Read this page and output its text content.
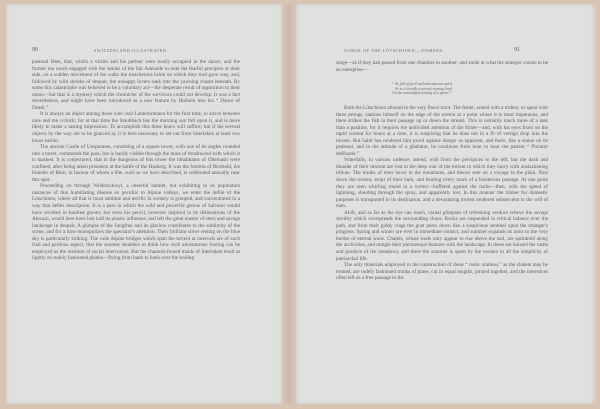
90	SWITZERLAND ILLUSTRATED.

pastoral fêtes, that, whilst a victim and his partner were busily occupied in the dance, and the former too much engaged with the smiles of the fair Adelaide to note the fearful precipice at their side, on a sudden movement of the waltz the treacherous brink on which they trod gave way, and, followed by wild shrieks of despair, the unhappy lovers sank into the yawning chasm beneath. By some this catastrophe was believed to be a voluntary act—the desperate result of opposition to their union—but that is a mystery which the chronicler of the survivors could not develop. It was a fact nevertheless, and might have been introduced as a new feature by Holbein into his “ Dance of Death.”

It is always an object among those who visit Lauterbrunnen for the first time, to arrive between nine and ten o'clock; for at that time the Staubbach has the morning sun full upon it, and is more likely to make a lasting impression. To accomplish this three hours will suffice; but if the several objects by the way are to be glanced at, it is then necessary to set out from Interlaken at least two hours earlier.

The ancient Castle of Unspunnen, consisting of a square tower, with one of its angles rounded into a turret, commands the pass, but is hardly visible through the mass of brushwood with which it is masked. It is conjectured, that in the dungeons of this tower the inhabitants of Oberhasli were confined, after being taken prisoners at the battle of the Hasberg. It was the fortress of Berthold, the founder of Bern, in honour of whom a fête, such as we have described, is celebrated annually near this spot.

Proceeding on through Wilderschwyl, a cheerful hamlet, but exhibiting in its population instances of that humiliating disease so peculiar to Alpine valleys, we enter the defile of the Lütschinen, where all that is most sublime and terrific in scenery is grouped, and concentrated in a way that defies description. It is a pass in which the wild and powerful genius of Salvator would have revelled in kindred gloom; but even his pencil, however inspired in its delineations of the Abruzzi, would here have lost half its plastic influence, and left the great master of stern and savage landscape in despair. A glimpse of the Jungfrau and its glaciers contributes to the sublimity of the scene, and for a time monopolizes the spectator's attention. Their brilliant silver resting on the blue sky is particularly striking. The rude Alpine bridges which span the torrent at intervals are of such frail and perilous aspect, that the stoutest shudders to think how such adventurous footing can be employed as the medium of social intercourse. But the chamois-footed maids of Interlaken tread as lightly on rudely fashioned planks—flying from bank to bank over the boiling

GORGE OF THE LÜTSCHINEN.—FISHERS.	91

surge—as if they had passed from one chamber to another; and smile at what the stranger counts to be an enterprise—

“ As full of peril and adventurous spirit
As to o'erwalk a current roaring loud
On the unsteadfast footing of a spear!”

Both the Lütschinen abound in the very finest trout. The fisher, armed with a trident, or spear with three prongs, stations himself on the edge of the torrent at a point where it is most impetuous, and there strikes the fish in their passage up or down the stream. This is certainly much more of a task than a pastime, for it requires the undivided attention of the fisher—and, with his eyes fixed on the rapid current for hours at a time, it is surprising that he does not in a fit of vertigo drop into the torrent. But habit has rendered him proof against danger as apparent, and there, like a statue on its pedestal, and in the attitude of a gladiator, he continues from hour to hour the patient “ Piscator delfinatis.”

Waterfalls, in various cadence, attend, with from the precipices to the left; but the dash and thunder of their descent are lost in the deep roar of the torrent to which they hurry with unslackening tribute. The trunks of trees hewn in the mountains, and thence sent on a voyage to the plain, float down the torrent, stript of their bark, and bearing every mark of a boisterous passage. At one point they are seen whirling round in a vortex—buffeted against the rocks—then, with the speed of lightning, shooting through the spray, and apparently lost. In this manner the timber for domestic purposes is transported to its destination, and a devastating torrent rendered subservient to the will of man.

Aloft, and as far as the eye can reach, casual glimpses of refreshing verdure relieve the savage sterility which overspreads the surrounding chaos. Rocks are suspended in critical balance over the path, and from their giddy crags the goat peers down like a suspicious sentinel upon the stranger's progress. Spring and winter are ever in immediate contact; and summer expands its arms to the very border of eternal snow. Chalets, whose roofs only appear to rise above the soil, are sprinkled along the acclivities, and mingle their picturesque features with the landscape. In these are housed the cattle and produce of the meadows; and there the summer is spent by the owners in all the simplicity of patriarchal life.

The only materials employed in the construction of these “ rustic stations,” as the chalets may be termed, are rudely fashioned trunks of pines, cut in equal lengths, pinned together, and the interstices often left as a free passage to the
